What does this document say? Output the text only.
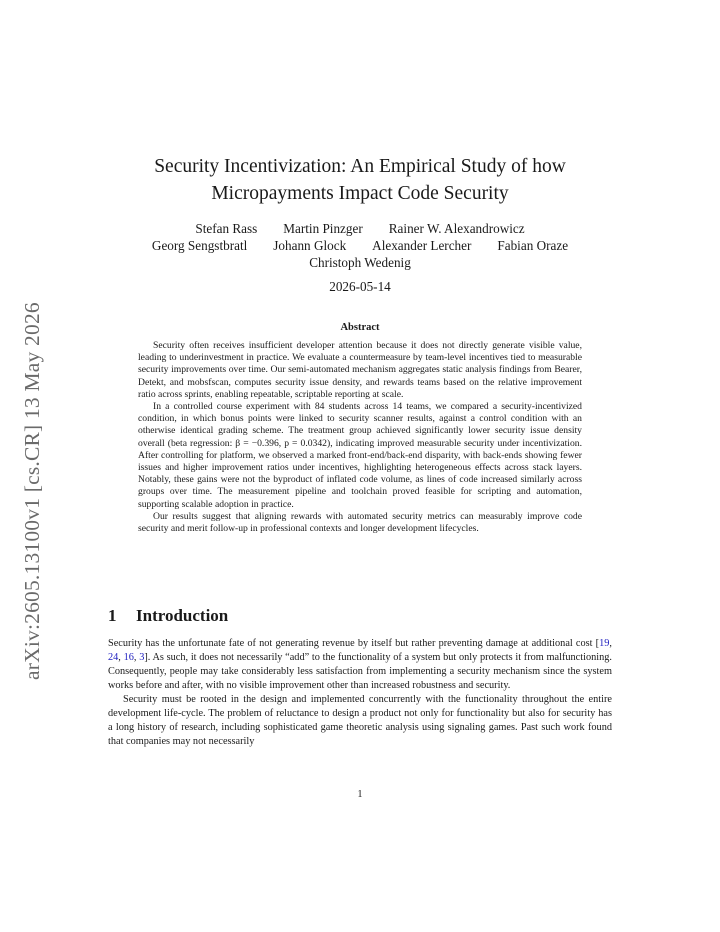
arXiv:2605.13100v1 [cs.CR] 13 May 2026
Security Incentivization: An Empirical Study of how
Micropayments Impact Code Security
Stefan Rass Martin Pinzger Rainer W. Alexandrowicz
Georg Sengstbratl Johann Glock Alexander Lercher Fabian Oraze
Christoph Wedenig
2026-05-14
Abstract

Security often receives insufficient developer attention because it does not directly generate visible value, leading to underinvestment in practice. We evaluate a countermeasure by team-level incentives tied to measurable security improvements over time. Our semi-automated mechanism aggregates static analysis findings from Bearer, Detekt, and mobsfscan, computes security issue density, and rewards teams based on the relative improvement ratio across sprints, enabling repeatable, scriptable reporting at scale.

In a controlled course experiment with 84 students across 14 teams, we compared a security-incentivized condition, in which bonus points were linked to security scanner results, against a control condition with an otherwise identical grading scheme. The treatment group achieved significantly lower security issue density overall (beta regression: β = −0.396, p = 0.0342), indicating improved measurable security under incentivization. After controlling for platform, we observed a marked front-end/back-end disparity, with back-ends showing fewer issues and higher improvement ratios under incentives, highlighting heterogeneous effects across stack layers. Notably, these gains were not the byproduct of inflated code volume, as lines of code increased similarly across groups over time. The measurement pipeline and toolchain proved feasible for scripting and automation, supporting scalable adoption in practice.

Our results suggest that aligning rewards with automated security metrics can measurably improve code security and merit follow-up in professional contexts and longer development lifecycles.

1 Introduction

Security has the unfortunate fate of not generating revenue by itself but rather preventing damage at additional cost [19, 24, 16, 3]. As such, it does not necessarily “add” to the functionality of a system but only protects it from malfunctioning. Consequently, people may take considerably less satisfaction from implementing a security mechanism since the system works before and after, with no visible improvement other than increased robustness and security.

Security must be rooted in the design and implemented concurrently with the functionality throughout the entire development life-cycle. The problem of reluctance to design a product not only for functionality but also for security has a long history of research, including sophisticated game theoretic analysis using signaling games. Past such work found that companies may not necessarily

1
